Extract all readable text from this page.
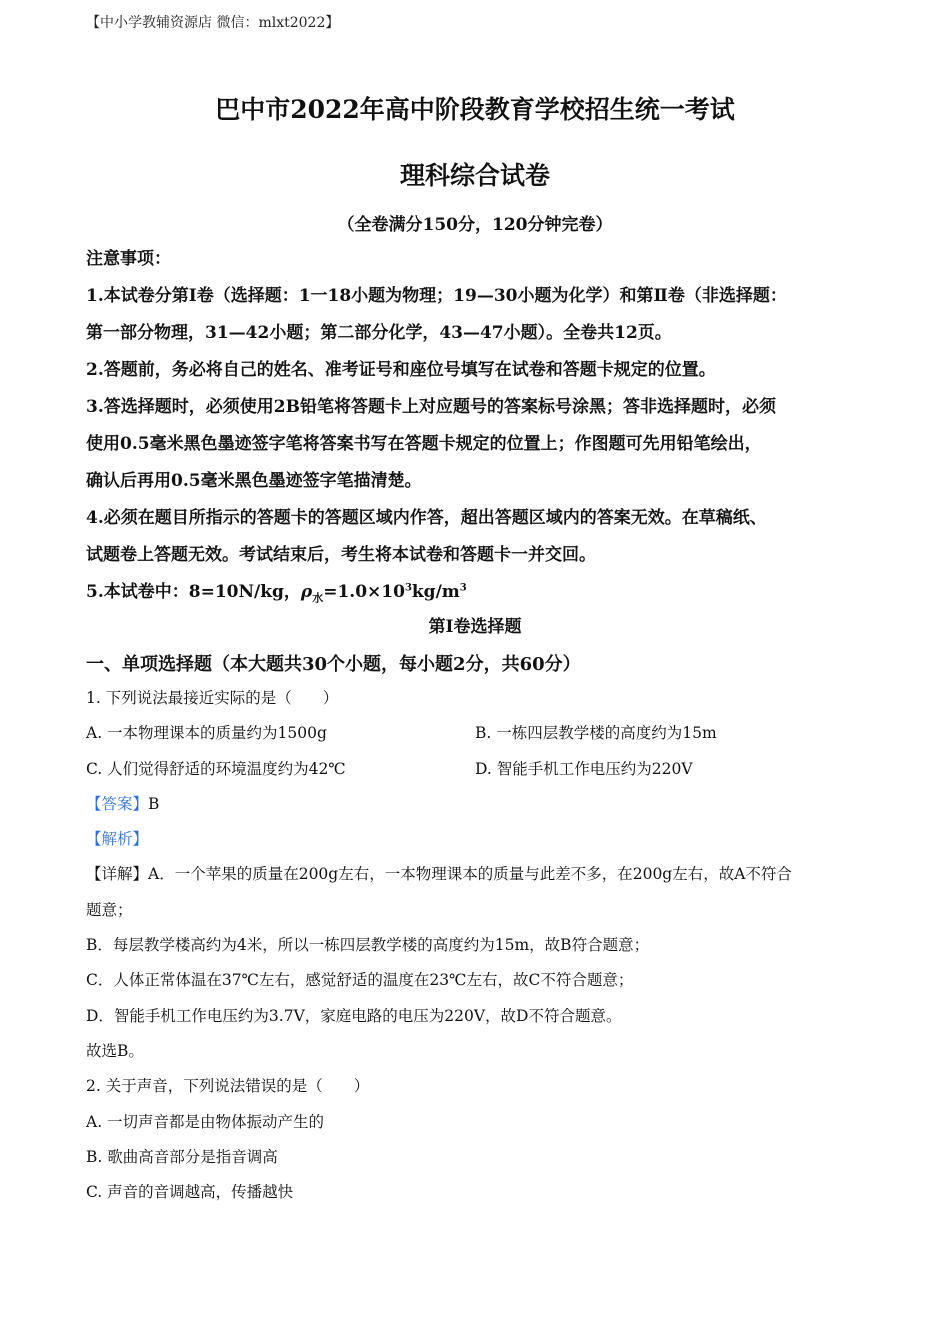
【中小学教辅资源店 微信：mlxt2022】
巴中市2022年高中阶段教育学校招生统一考试
理科综合试卷
（全卷满分150分，120分钟完卷）
注意事项：
1.本试卷分第Ⅰ卷（选择题：1一18小题为物理；19—30小题为化学）和第Ⅱ卷（非选择题：
第一部分物理，31—42小题；第二部分化学，43—47小题）。全卷共12页。
2.答题前，务必将自己的姓名、准考证号和座位号填写在试卷和答题卡规定的位置。
3.答选择题时，必须使用2B铅笔将答题卡上对应题号的答案标号涂黑；答非选择题时，必须
使用0.5毫米黑色墨迹签字笔将答案书写在答题卡规定的位置上；作图题可先用铅笔绘出，
确认后再用0.5毫米黑色墨迹签字笔描清楚。
4.必须在题目所指示的答题卡的答题区域内作答，超出答题区域内的答案无效。在草稿纸、
试题卷上答题无效。考试结束后，考生将本试卷和答题卡一并交回。
5.本试卷中：8=10N/kg，$\rho_水=1.0\times 10^3kg/m^3$
第Ⅰ卷选择题
一、单项选择题（本大题共30个小题，每小题2分，共60分）
1. 下列说法最接近实际的是（　　）
A. 一本物理课本的质量约为1500g	B. 一栋四层教学楼的高度约为15m
C. 人们觉得舒适的环境温度约为42℃	D. 智能手机工作电压约为220V
【答案】B
【解析】
【详解】A．一个苹果的质量在200g左右，一本物理课本的质量与此差不多，在200g左右，故A不符合
题意；
B．每层教学楼高约为4米，所以一栋四层教学楼的高度约为15m，故B符合题意；
C．人体正常体温在37℃左右，感觉舒适的温度在23℃左右，故C不符合题意；
D．智能手机工作电压约为3.7V，家庭电路的电压为220V，故D不符合题意。
故选B。
2. 关于声音，下列说法错误的是（　　）
A. 一切声音都是由物体振动产生的
B. 歌曲高音部分是指音调高
C. 声音的音调越高，传播越快
